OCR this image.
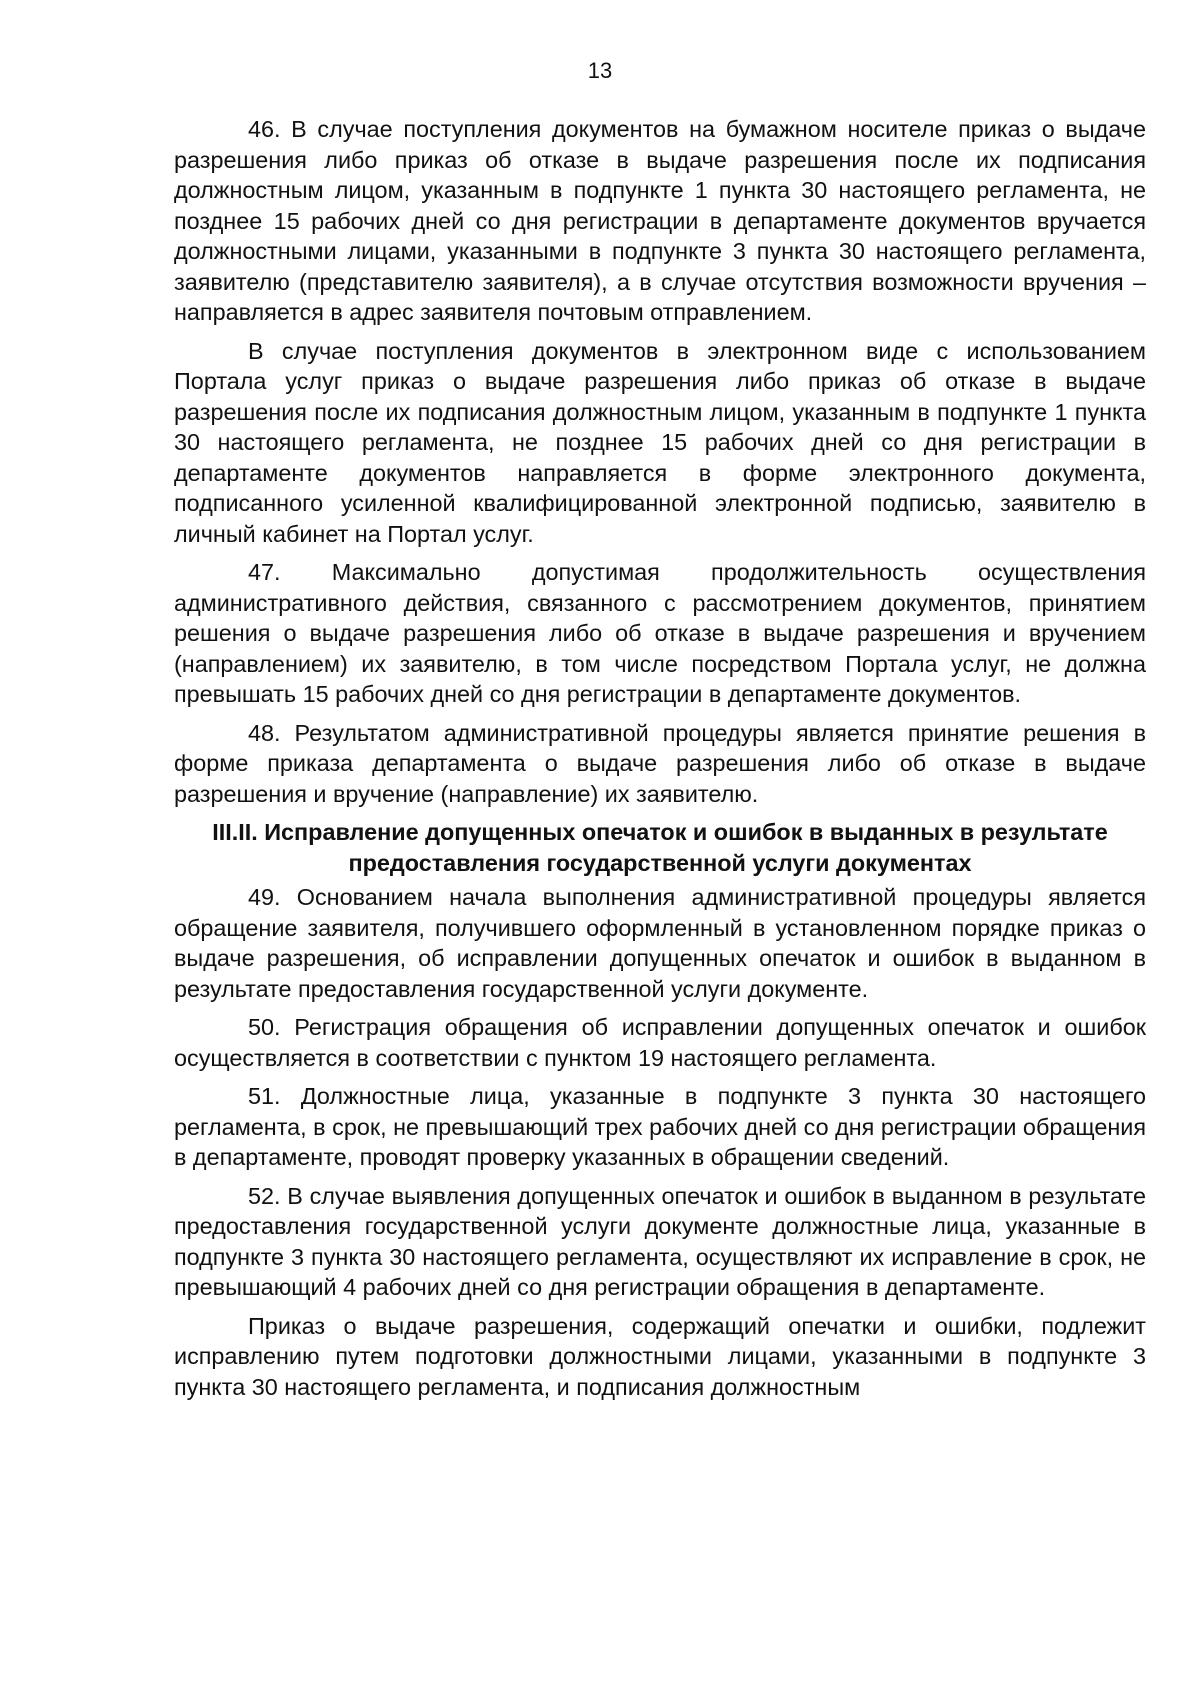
13

46. В случае поступления документов на бумажном носителе приказ о выдаче разрешения либо приказ об отказе в выдаче разрешения после их подписания должностным лицом, указанным в подпункте 1 пункта 30 настоящего регламента, не позднее 15 рабочих дней со дня регистрации в департаменте документов вручается должностными лицами, указанными в подпункте 3 пункта 30 настоящего регламента, заявителю (представителю заявителя), а в случае отсутствия возможности вручения – направляется в адрес заявителя почтовым отправлением.

В случае поступления документов в электронном виде с использованием Портала услуг приказ о выдаче разрешения либо приказ об отказе в выдаче разрешения после их подписания должностным лицом, указанным в подпункте 1 пункта 30 настоящего регламента, не позднее 15 рабочих дней со дня регистрации в департаменте документов направляется в форме электронного документа, подписанного усиленной квалифицированной электронной подписью, заявителю в личный кабинет на Портал услуг.

47. Максимально допустимая продолжительность осуществления административного действия, связанного с рассмотрением документов, принятием решения о выдаче разрешения либо об отказе в выдаче разрешения и вручением (направлением) их заявителю, в том числе посредством Портала услуг, не должна превышать 15 рабочих дней со дня регистрации в департаменте документов.

48. Результатом административной процедуры является принятие решения в форме приказа департамента о выдаче разрешения либо об отказе в выдаче разрешения и вручение (направление) их заявителю.

III.II. Исправление допущенных опечаток и ошибок в выданных в результате предоставления государственной услуги документах

49. Основанием начала выполнения административной процедуры является обращение заявителя, получившего оформленный в установленном порядке приказ о выдаче разрешения, об исправлении допущенных опечаток и ошибок в выданном в результате предоставления государственной услуги документе.

50. Регистрация обращения об исправлении допущенных опечаток и ошибок осуществляется в соответствии с пунктом 19 настоящего регламента.

51. Должностные лица, указанные в подпункте 3 пункта 30 настоящего регламента, в срок, не превышающий трех рабочих дней со дня регистрации обращения в департаменте, проводят проверку указанных в обращении сведений.

52. В случае выявления допущенных опечаток и ошибок в выданном в результате предоставления государственной услуги документе должностные лица, указанные в подпункте 3 пункта 30 настоящего регламента, осуществляют их исправление в срок, не превышающий 4 рабочих дней со дня регистрации обращения в департаменте.

Приказ о выдаче разрешения, содержащий опечатки и ошибки, подлежит исправлению путем подготовки должностными лицами, указанными в подпункте 3 пункта 30 настоящего регламента, и подписания должностным
